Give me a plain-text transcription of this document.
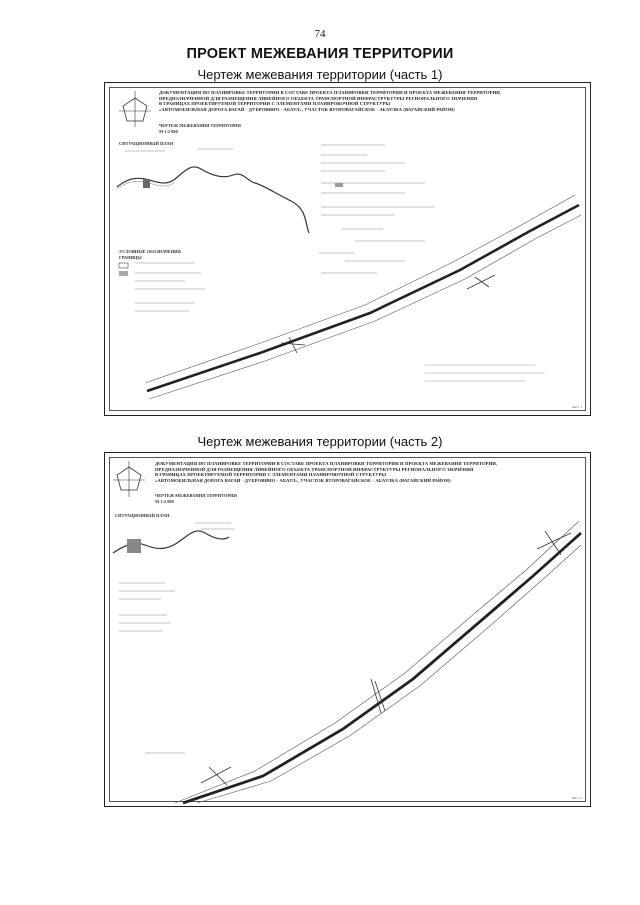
74
ПРОЕКТ МЕЖЕВАНИЯ ТЕРРИТОРИИ
Чертеж межевания территории (часть 1)
ДОКУМЕНТАЦИЯ ПО ПЛАНИРОВКЕ ТЕРРИТОРИИ В СОСТАВЕ ПРОЕКТА ПЛАНИРОВКИ ТЕРРИТОРИИ И ПРОЕКТА МЕЖЕВАНИЯ ТЕРРИТОРИИ,
ПРЕДНАЗНАЧЕННОЙ ДЛЯ РАЗМЕЩЕНИЯ ЛИНЕЙНОГО ОБЪЕКТА ТРАНСПОРТНОЙ ИНФРАСТРУКТУРЫ РЕГИОНАЛЬНОГО ЗНАЧЕНИЯ
В ГРАНИЦАХ ПРОЕКТИРУЕМОЙ ТЕРРИТОРИИ С ЭЛЕМЕНТАМИ ПЛАНИРОВОЧНОЙ СТРУКТУРЫ
«АВТОМОБИЛЬНАЯ ДОРОГА ВАГАЙ - ДУБРОВИНО - АБАУЛ», УЧАСТОК ВТОРОВАГАЙСКОЕ - АБАУЛКА (ВАГАЙСКИЙ РАЙОН)
ЧЕРТЕЖ МЕЖЕВАНИЯ ТЕРРИТОРИИ
М 1:2 000
СИТУАЦИОННЫЙ ПЛАН
УСЛОВНЫЕ ОБОЗНАЧЕНИЯ
ГРАНИЦЫ
Лист 1
Чертеж межевания территории (часть 2)
ДОКУМЕНТАЦИЯ ПО ПЛАНИРОВКЕ ТЕРРИТОРИИ В СОСТАВЕ ПРОЕКТА ПЛАНИРОВКИ ТЕРРИТОРИИ И ПРОЕКТА МЕЖЕВАНИЯ ТЕРРИТОРИИ,
ПРЕДНАЗНАЧЕННОЙ ДЛЯ РАЗМЕЩЕНИЯ ЛИНЕЙНОГО ОБЪЕКТА ТРАНСПОРТНОЙ ИНФРАСТРУКТУРЫ РЕГИОНАЛЬНОГО ЗНАЧЕНИЯ
В ГРАНИЦАХ ПРОЕКТИРУЕМОЙ ТЕРРИТОРИИ С ЭЛЕМЕНТАМИ ПЛАНИРОВОЧНОЙ СТРУКТУРЫ
«АВТОМОБИЛЬНАЯ ДОРОГА ВАГАЙ - ДУБРОВИНО - АБАУЛ», УЧАСТОК ВТОРОВАГАЙСКОЕ - АБАУЛКА (ВАГАЙСКИЙ РАЙОН)
ЧЕРТЕЖ МЕЖЕВАНИЯ ТЕРРИТОРИИ
М 1:2 000
СИТУАЦИОННЫЙ ПЛАН
Лист 2
